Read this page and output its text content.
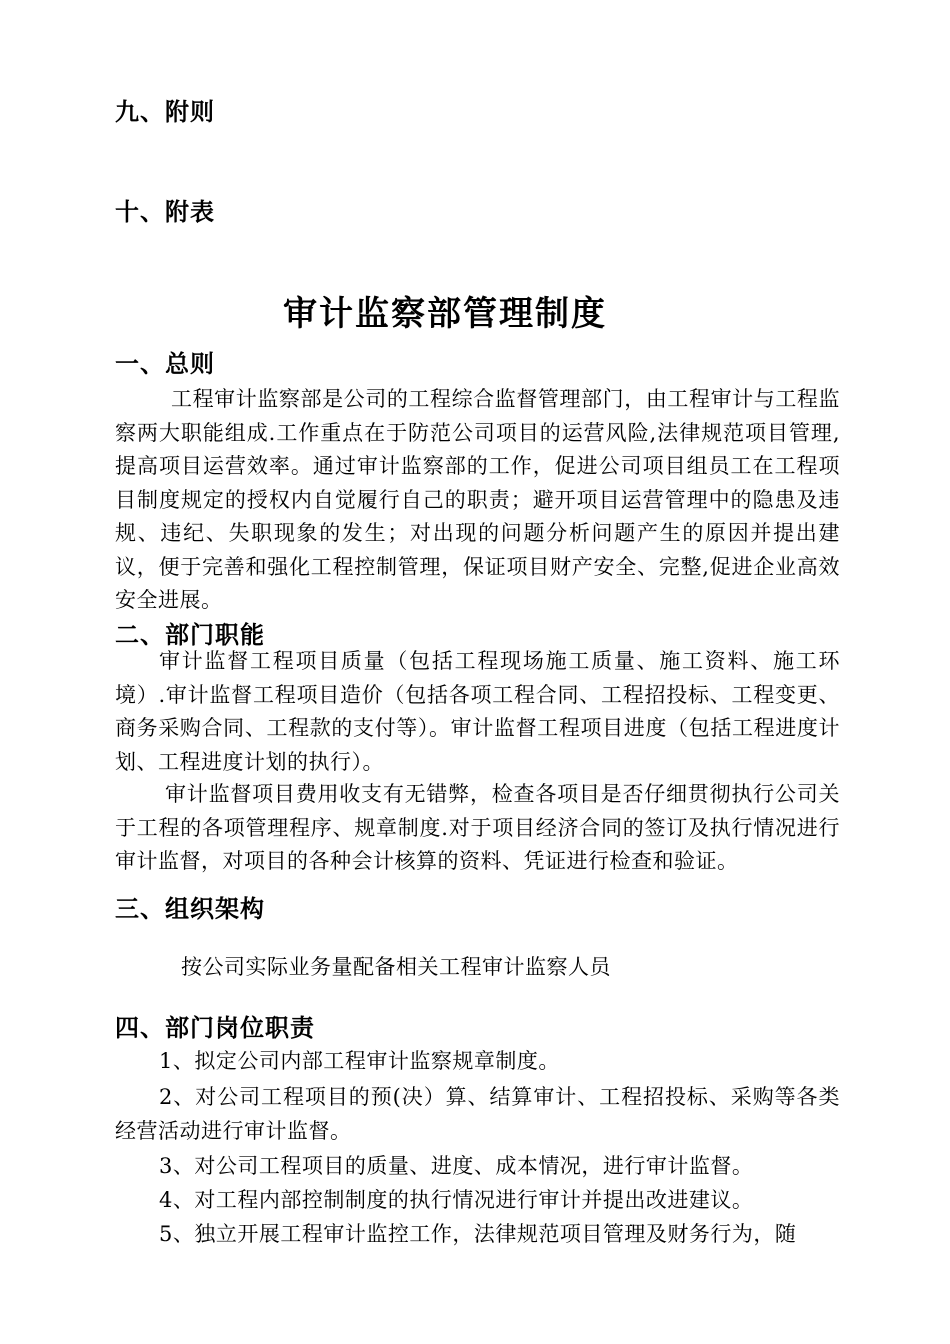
九、附则
十、附表
审计监察部管理制度
一、总则

工程审计监察部是公司的工程综合监督管理部门，由工程审计与工程监察两大职能组成.工作重点在于防范公司项目的运营风险,法律规范项目管理,提高项目运营效率。通过审计监察部的工作，促进公司项目组员工在工程项目制度规定的授权内自觉履行自己的职责；避开项目运营管理中的隐患及违规、违纪、失职现象的发生；对出现的问题分析问题产生的原因并提出建议，便于完善和强化工程控制管理，保证项目财产安全、完整,促进企业高效安全进展。

二、部门职能

审计监督工程项目质量（包括工程现场施工质量、施工资料、施工环境）.审计监督工程项目造价（包括各项工程合同、工程招投标、工程变更、商务采购合同、工程款的支付等）。审计监督工程项目进度（包括工程进度计划、工程进度计划的执行）。

审计监督项目费用收支有无错弊，检查各项目是否仔细贯彻执行公司关于工程的各项管理程序、规章制度.对于项目经济合同的签订及执行情况进行审计监督，对项目的各种会计核算的资料、凭证进行检查和验证。

三、组织架构

按公司实际业务量配备相关工程审计监察人员

四、部门岗位职责

1、拟定公司内部工程审计监察规章制度。

2、对公司工程项目的预(决）算、结算审计、工程招投标、采购等各类经营活动进行审计监督。

3、对公司工程项目的质量、进度、成本情况，进行审计监督。

4、对工程内部控制制度的执行情况进行审计并提出改进建议。

5、独立开展工程审计监控工作，法律规范项目管理及财务行为，随
